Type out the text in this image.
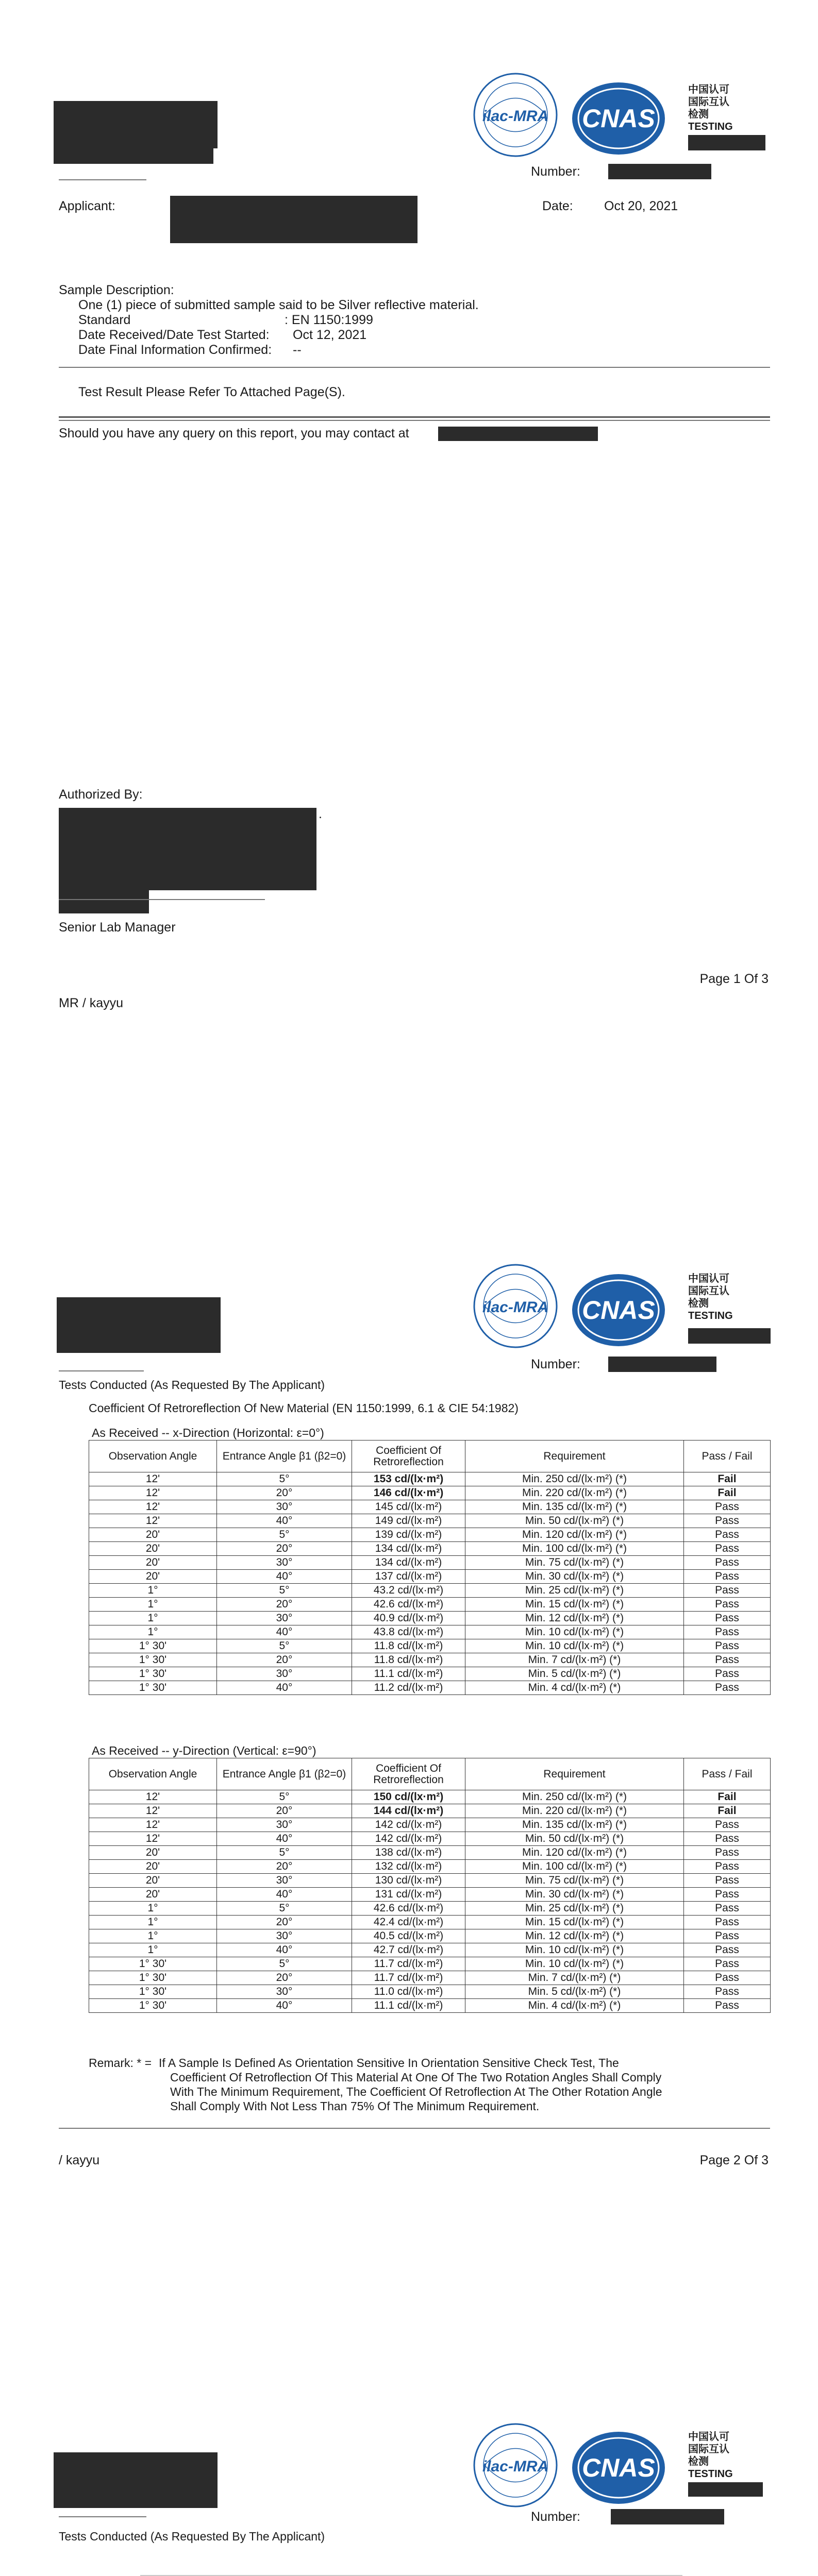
ilac-MRA CNAS
中国认可
国际互认
检测
TESTING
Number:
Applicant:	Date: Oct 20, 2021
Sample Description:
One (1) piece of submitted sample said to be Silver reflective material.
Standard	: EN 1150:1999
Date Received/Date Test Started: Oct 12, 2021
Date Final Information Confirmed: --
Test Result Please Refer To Attached Page(S).
Should you have any query on this report, you may contact at
Authorized By:
.
Senior Lab Manager
Page 1 Of 3
MR / kayyu
ilac-MRA CNAS
中国认可
国际互认
检测
TESTING
Number:
Tests Conducted (As Requested By The Applicant)
Coefficient Of Retroreflection Of New Material (EN 1150:1999, 6.1 & CIE 54:1982)
As Received -- x-Direction (Horizontal: ε=0°)
Observation Angle	Entrance Angle β1 (β2=0)	Coefficient Of Retroreflection	Requirement	Pass / Fail
12'	5°	153 cd/(lx·m²)	Min. 250 cd/(lx·m²) (*)	Fail
12'	20°	146 cd/(lx·m²)	Min. 220 cd/(lx·m²) (*)	Fail
12'	30°	145 cd/(lx·m²)	Min. 135 cd/(lx·m²) (*)	Pass
12'	40°	149 cd/(lx·m²)	Min. 50 cd/(lx·m²) (*)	Pass
20'	5°	139 cd/(lx·m²)	Min. 120 cd/(lx·m²) (*)	Pass
20'	20°	134 cd/(lx·m²)	Min. 100 cd/(lx·m²) (*)	Pass
20'	30°	134 cd/(lx·m²)	Min. 75 cd/(lx·m²) (*)	Pass
20'	40°	137 cd/(lx·m²)	Min. 30 cd/(lx·m²) (*)	Pass
1°	5°	43.2 cd/(lx·m²)	Min. 25 cd/(lx·m²) (*)	Pass
1°	20°	42.6 cd/(lx·m²)	Min. 15 cd/(lx·m²) (*)	Pass
1°	30°	40.9 cd/(lx·m²)	Min. 12 cd/(lx·m²) (*)	Pass
1°	40°	43.8 cd/(lx·m²)	Min. 10 cd/(lx·m²) (*)	Pass
1° 30'	5°	11.8 cd/(lx·m²)	Min. 10 cd/(lx·m²) (*)	Pass
1° 30'	20°	11.8 cd/(lx·m²)	Min. 7 cd/(lx·m²) (*)	Pass
1° 30'	30°	11.1 cd/(lx·m²)	Min. 5 cd/(lx·m²) (*)	Pass
1° 30'	40°	11.2 cd/(lx·m²)	Min. 4 cd/(lx·m²) (*)	Pass
As Received -- y-Direction (Vertical: ε=90°)
Observation Angle	Entrance Angle β1 (β2=0)	Coefficient Of Retroreflection	Requirement	Pass / Fail
12'	5°	150 cd/(lx·m²)	Min. 250 cd/(lx·m²) (*)	Fail
12'	20°	144 cd/(lx·m²)	Min. 220 cd/(lx·m²) (*)	Fail
12'	30°	142 cd/(lx·m²)	Min. 135 cd/(lx·m²) (*)	Pass
12'	40°	142 cd/(lx·m²)	Min. 50 cd/(lx·m²) (*)	Pass
20'	5°	138 cd/(lx·m²)	Min. 120 cd/(lx·m²) (*)	Pass
20'	20°	132 cd/(lx·m²)	Min. 100 cd/(lx·m²) (*)	Pass
20'	30°	130 cd/(lx·m²)	Min. 75 cd/(lx·m²) (*)	Pass
20'	40°	131 cd/(lx·m²)	Min. 30 cd/(lx·m²) (*)	Pass
1°	5°	42.6 cd/(lx·m²)	Min. 25 cd/(lx·m²) (*)	Pass
1°	20°	42.4 cd/(lx·m²)	Min. 15 cd/(lx·m²) (*)	Pass
1°	30°	40.5 cd/(lx·m²)	Min. 12 cd/(lx·m²) (*)	Pass
1°	40°	42.7 cd/(lx·m²)	Min. 10 cd/(lx·m²) (*)	Pass
1° 30'	5°	11.7 cd/(lx·m²)	Min. 10 cd/(lx·m²) (*)	Pass
1° 30'	20°	11.7 cd/(lx·m²)	Min. 7 cd/(lx·m²) (*)	Pass
1° 30'	30°	11.0 cd/(lx·m²)	Min. 5 cd/(lx·m²) (*)	Pass
1° 30'	40°	11.1 cd/(lx·m²)	Min. 4 cd/(lx·m²) (*)	Pass
Remark: * = If A Sample Is Defined As Orientation Sensitive In Orientation Sensitive Check Test, The
Coefficient Of Retroflection Of This Material At One Of The Two Rotation Angles Shall Comply
With The Minimum Requirement, The Coefficient Of Retroflection At The Other Rotation Angle
Shall Comply With Not Less Than 75% Of The Minimum Requirement.
/ kayyu	Page 2 Of 3
ilac-MRA CNAS
中国认可
国际互认
检测
TESTING
Number:
Tests Conducted (As Requested By The Applicant)
